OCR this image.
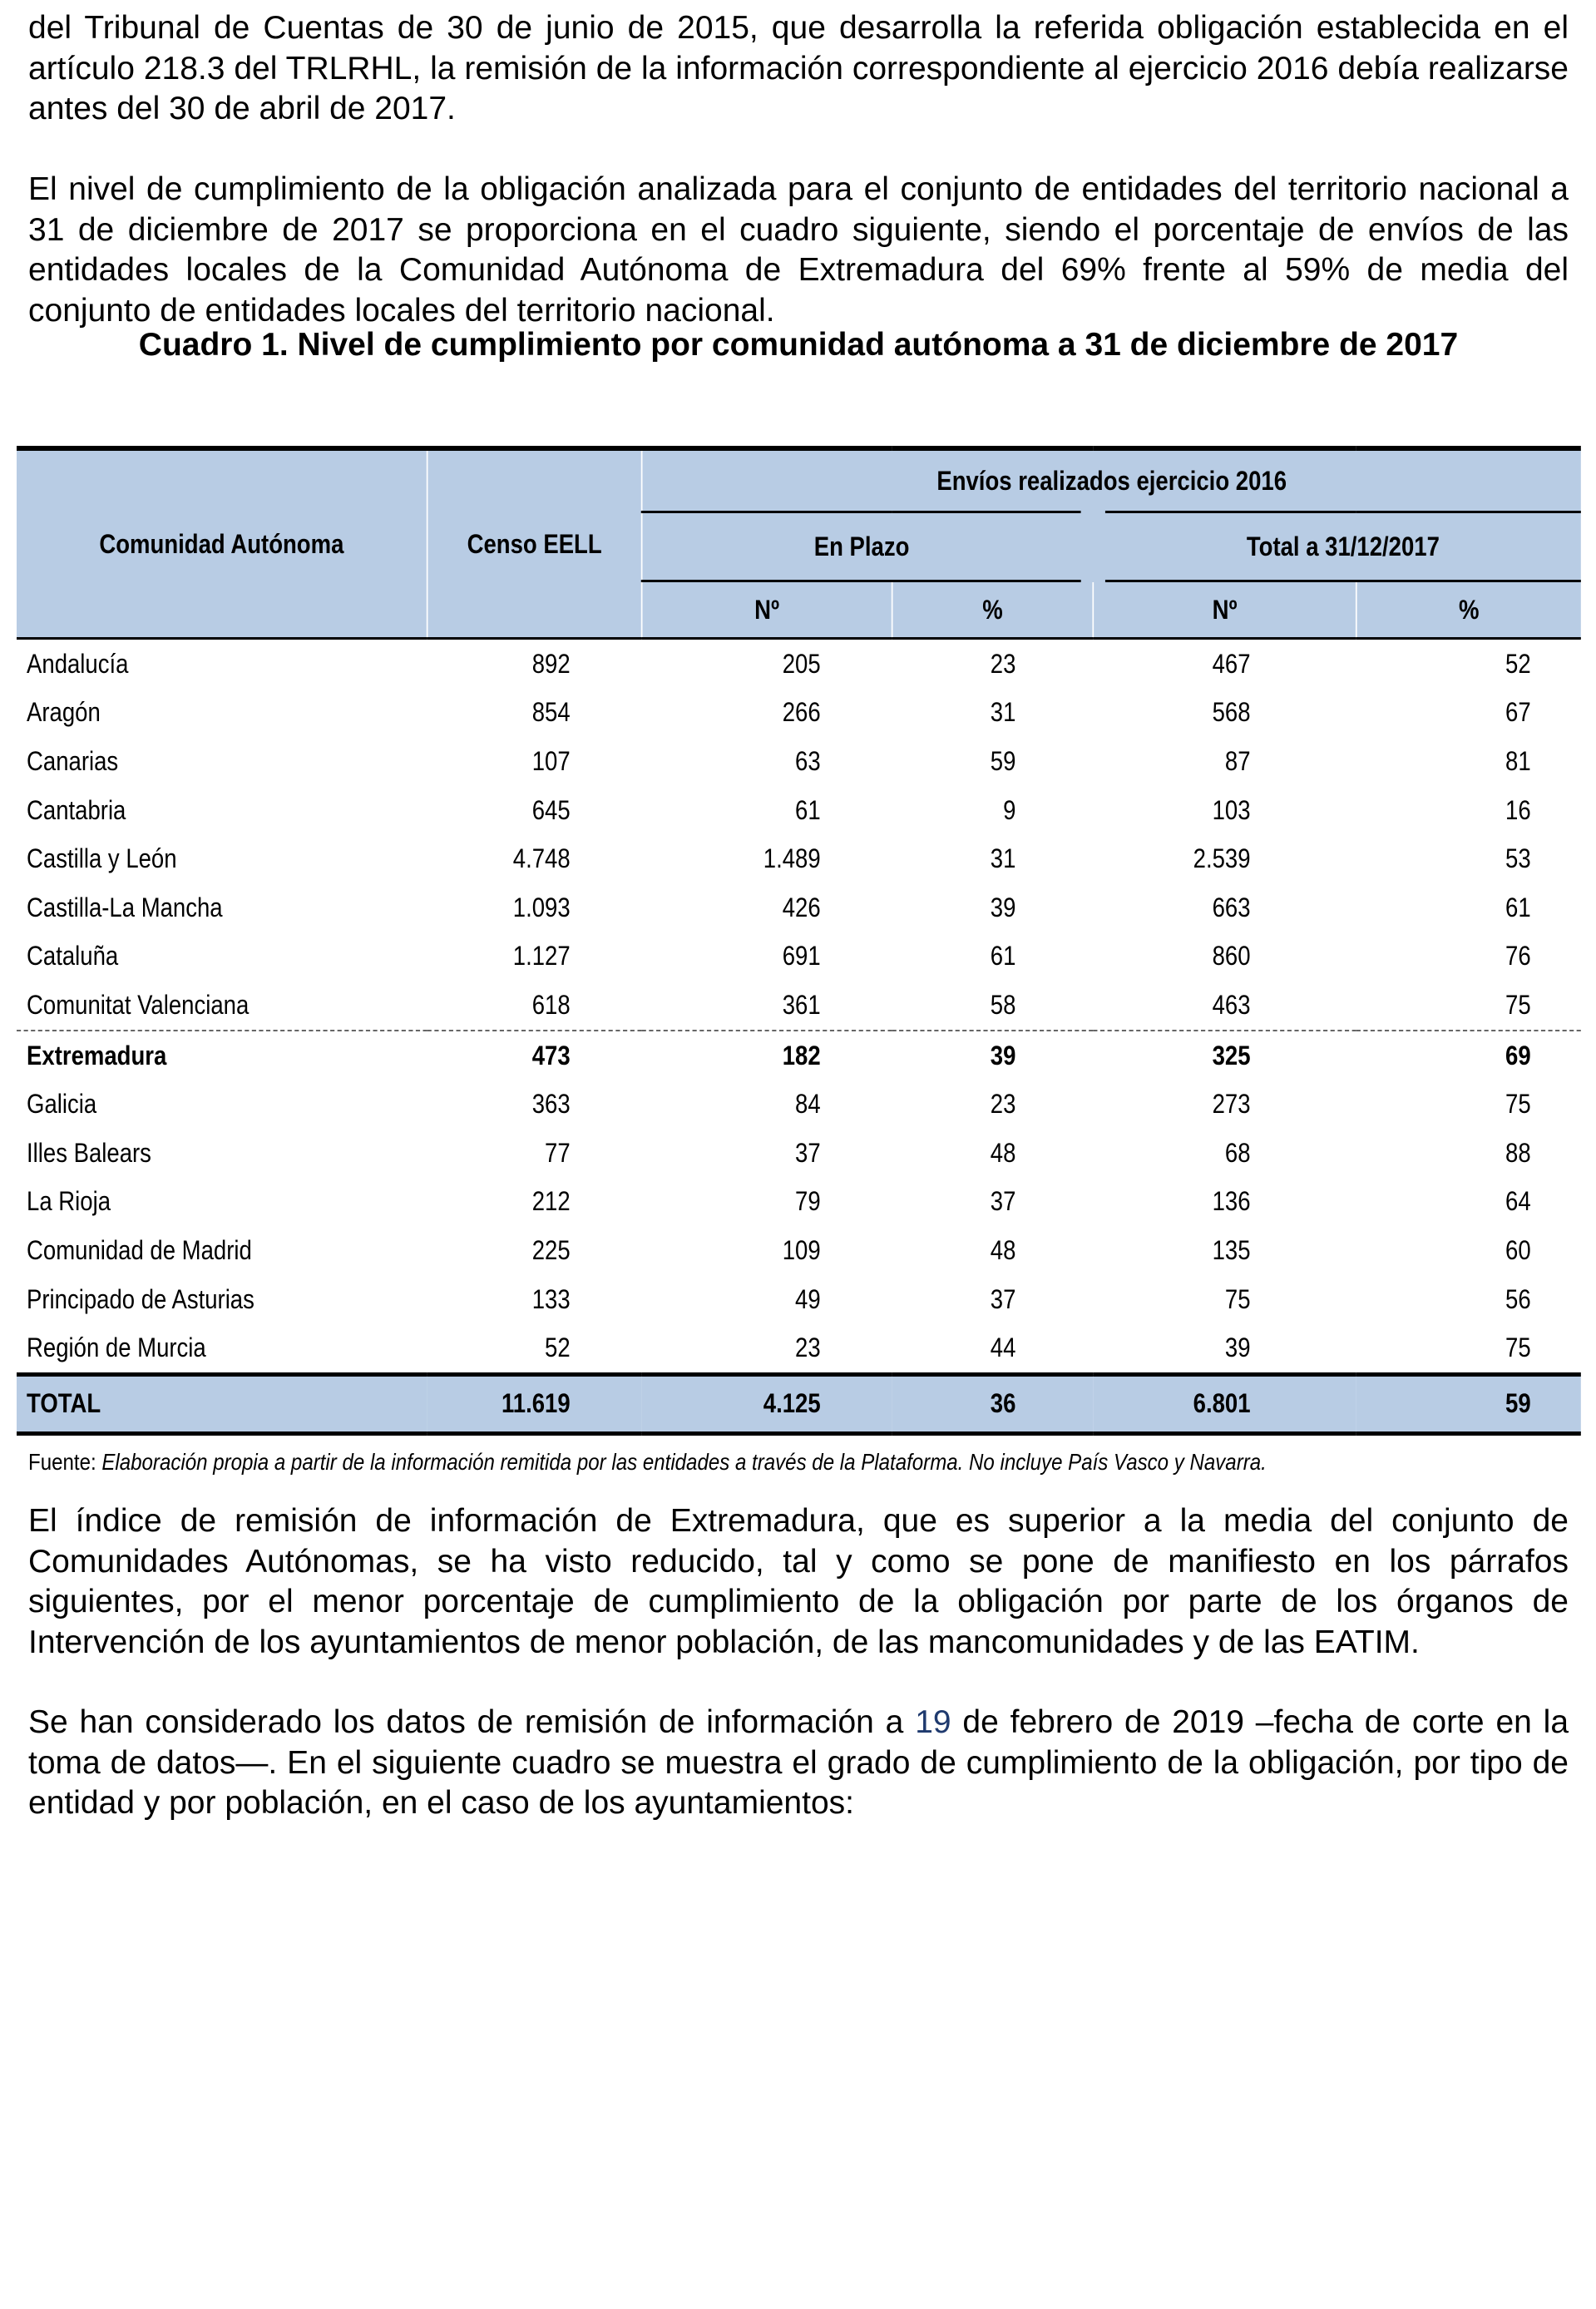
del Tribunal de Cuentas de 30 de junio de 2015, que desarrolla la referida obligación establecida en el artículo 218.3 del TRLRHL, la remisión de la información correspondiente al ejercicio 2016 debía realizarse antes del 30 de abril de 2017.

El nivel de cumplimiento de la obligación analizada para el conjunto de entidades del territorio nacional a 31 de diciembre de 2017 se proporciona en el cuadro siguiente, siendo el porcentaje de envíos de las entidades locales de la Comunidad Autónoma de Extremadura del 69% frente al 59% de media del conjunto de entidades locales del territorio nacional.

Cuadro 1. Nivel de cumplimiento por comunidad autónoma a 31 de diciembre de 2017
Comunidad Autónoma	Censo EELL	Envíos realizados ejercicio 2016			
		En Plazo		Total a 31/12/2017	
		Nº	%	Nº	%

Andalucía	892	205	23	467	52
Aragón	854	266	31	568	67
Canarias	107	63	59	87	81
Cantabria	645	61	9	103	16
Castilla y León	4.748	1.489	31	2.539	53
Castilla-La Mancha	1.093	426	39	663	61
Cataluña	1.127	691	61	860	76
Comunitat Valenciana	618	361	58	463	75
Extremadura	473	182	39	325	69
Galicia	363	84	23	273	75
Illes Balears	77	37	48	68	88
La Rioja	212	79	37	136	64
Comunidad de Madrid	225	109	48	135	60
Principado de Asturias	133	49	37	75	56
Región de Murcia	52	23	44	39	75
TOTAL	11.619	4.125	36	6.801	59
Fuente: Elaboración propia a partir de la información remitida por las entidades a través de la Plataforma. No incluye País Vasco y Navarra.

El índice de remisión de información de Extremadura, que es superior a la media del conjunto de Comunidades Autónomas, se ha visto reducido, tal y como se pone de manifiesto en los párrafos siguientes, por el menor porcentaje de cumplimiento de la obligación por parte de los órganos de Intervención de los ayuntamientos de menor población, de las mancomunidades y de las EATIM.

Se han considerado los datos de remisión de información a 19 de febrero de 2019 –fecha de corte en la toma de datos—. En el siguiente cuadro se muestra el grado de cumplimiento de la obligación, por tipo de entidad y por población, en el caso de los ayuntamientos:
